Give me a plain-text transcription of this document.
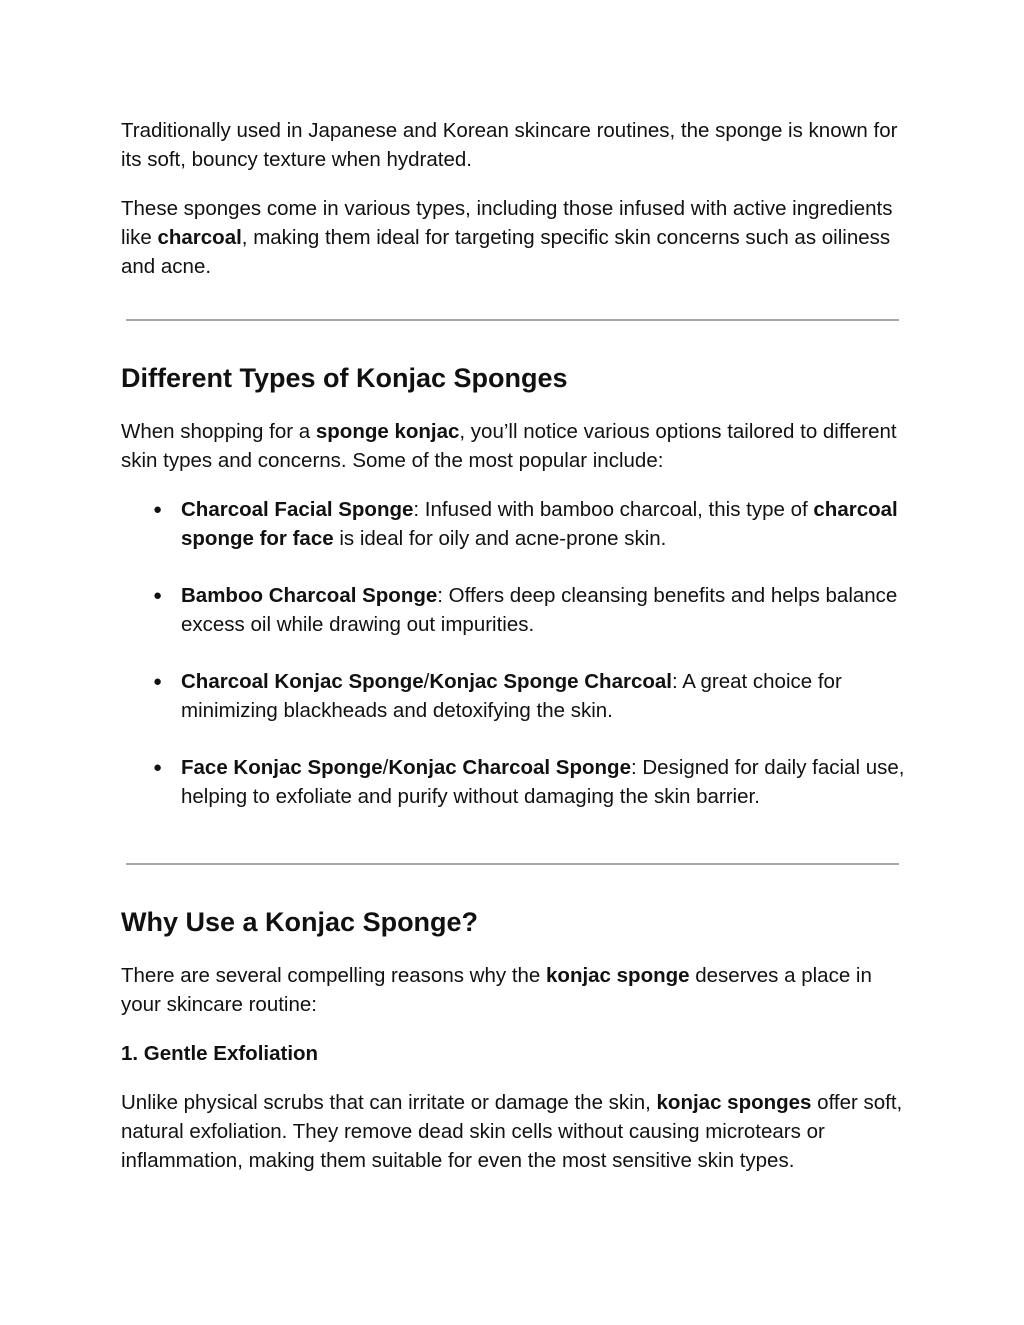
Traditionally used in Japanese and Korean skincare routines, the sponge is known for its soft, bouncy texture when hydrated.

These sponges come in various types, including those infused with active ingredients like charcoal, making them ideal for targeting specific skin concerns such as oiliness and acne.

Different Types of Konjac Sponges

When shopping for a sponge konjac, you’ll notice various options tailored to different skin types and concerns. Some of the most popular include:

● Charcoal Facial Sponge: Infused with bamboo charcoal, this type of charcoal sponge for face is ideal for oily and acne-prone skin.
● Bamboo Charcoal Sponge: Offers deep cleansing benefits and helps balance excess oil while drawing out impurities.
● Charcoal Konjac Sponge/Konjac Sponge Charcoal: A great choice for minimizing blackheads and detoxifying the skin.
● Face Konjac Sponge/Konjac Charcoal Sponge: Designed for daily facial use, helping to exfoliate and purify without damaging the skin barrier.
Why Use a Konjac Sponge?

There are several compelling reasons why the konjac sponge deserves a place in your skincare routine:

1. Gentle Exfoliation

Unlike physical scrubs that can irritate or damage the skin, konjac sponges offer soft, natural exfoliation. They remove dead skin cells without causing microtears or inflammation, making them suitable for even the most sensitive skin types.
